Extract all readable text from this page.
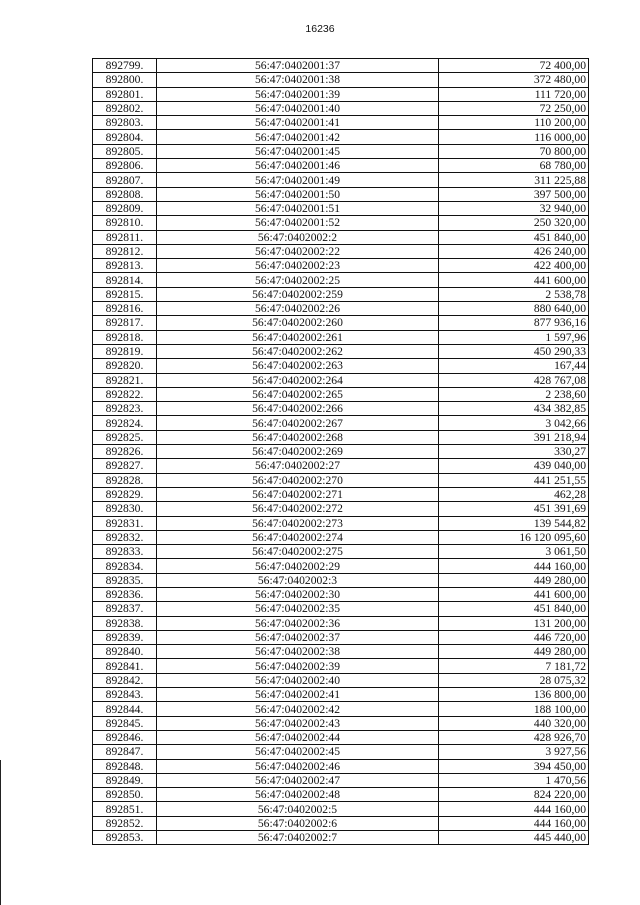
16236
892799.	56:47:0402001:37	72 400,00
892800.	56:47:0402001:38	372 480,00
892801.	56:47:0402001:39	111 720,00
892802.	56:47:0402001:40	72 250,00
892803.	56:47:0402001:41	110 200,00
892804.	56:47:0402001:42	116 000,00
892805.	56:47:0402001:45	70 800,00
892806.	56:47:0402001:46	68 780,00
892807.	56:47:0402001:49	311 225,88
892808.	56:47:0402001:50	397 500,00
892809.	56:47:0402001:51	32 940,00
892810.	56:47:0402001:52	250 320,00
892811.	56:47:0402002:2	451 840,00
892812.	56:47:0402002:22	426 240,00
892813.	56:47:0402002:23	422 400,00
892814.	56:47:0402002:25	441 600,00
892815.	56:47:0402002:259	2 538,78
892816.	56:47:0402002:26	880 640,00
892817.	56:47:0402002:260	877 936,16
892818.	56:47:0402002:261	1 597,96
892819.	56:47:0402002:262	450 290,33
892820.	56:47:0402002:263	167,44
892821.	56:47:0402002:264	428 767,08
892822.	56:47:0402002:265	2 238,60
892823.	56:47:0402002:266	434 382,85
892824.	56:47:0402002:267	3 042,66
892825.	56:47:0402002:268	391 218,94
892826.	56:47:0402002:269	330,27
892827.	56:47:0402002:27	439 040,00
892828.	56:47:0402002:270	441 251,55
892829.	56:47:0402002:271	462,28
892830.	56:47:0402002:272	451 391,69
892831.	56:47:0402002:273	139 544,82
892832.	56:47:0402002:274	16 120 095,60
892833.	56:47:0402002:275	3 061,50
892834.	56:47:0402002:29	444 160,00
892835.	56:47:0402002:3	449 280,00
892836.	56:47:0402002:30	441 600,00
892837.	56:47:0402002:35	451 840,00
892838.	56:47:0402002:36	131 200,00
892839.	56:47:0402002:37	446 720,00
892840.	56:47:0402002:38	449 280,00
892841.	56:47:0402002:39	7 181,72
892842.	56:47:0402002:40	28 075,32
892843.	56:47:0402002:41	136 800,00
892844.	56:47:0402002:42	188 100,00
892845.	56:47:0402002:43	440 320,00
892846.	56:47:0402002:44	428 926,70
892847.	56:47:0402002:45	3 927,56
892848.	56:47:0402002:46	394 450,00
892849.	56:47:0402002:47	1 470,56
892850.	56:47:0402002:48	824 220,00
892851.	56:47:0402002:5	444 160,00
892852.	56:47:0402002:6	444 160,00
892853.	56:47:0402002:7	445 440,00
